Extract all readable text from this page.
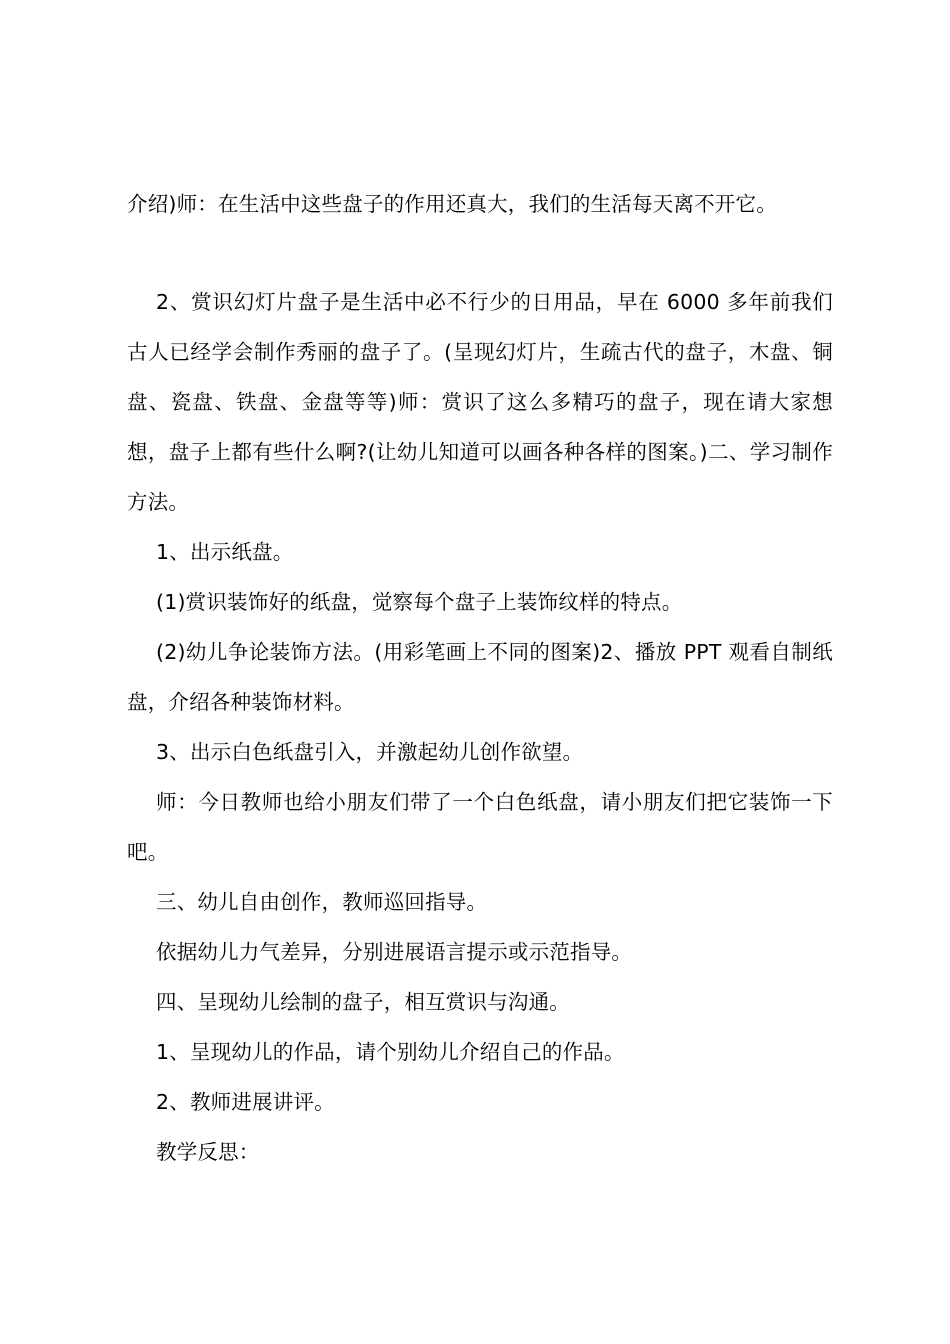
介绍)师：在生活中这些盘子的作用还真大，我们的生活每天离不开它。

2、赏识幻灯片盘子是生活中必不行少的日用品，早在 6000 多年前我们古人已经学会制作秀丽的盘子了。(呈现幻灯片，生疏古代的盘子，木盘、铜盘、瓷盘、铁盘、金盘等等)师：赏识了这么多精巧的盘子，现在请大家想想，盘子上都有些什么啊?(让幼儿知道可以画各种各样的图案。)二、学习制作方法。

1、出示纸盘。

(1)赏识装饰好的纸盘，觉察每个盘子上装饰纹样的特点。

(2)幼儿争论装饰方法。(用彩笔画上不同的图案)2、播放 PPT 观看自制纸盘，介绍各种装饰材料。

3、出示白色纸盘引入，并激起幼儿创作欲望。

师：今日教师也给小朋友们带了一个白色纸盘，请小朋友们把它装饰一下吧。

三、幼儿自由创作，教师巡回指导。

依据幼儿力气差异，分别进展语言提示或示范指导。

四、呈现幼儿绘制的盘子，相互赏识与沟通。

1、呈现幼儿的作品，请个别幼儿介绍自己的作品。

2、教师进展讲评。

教学反思：
